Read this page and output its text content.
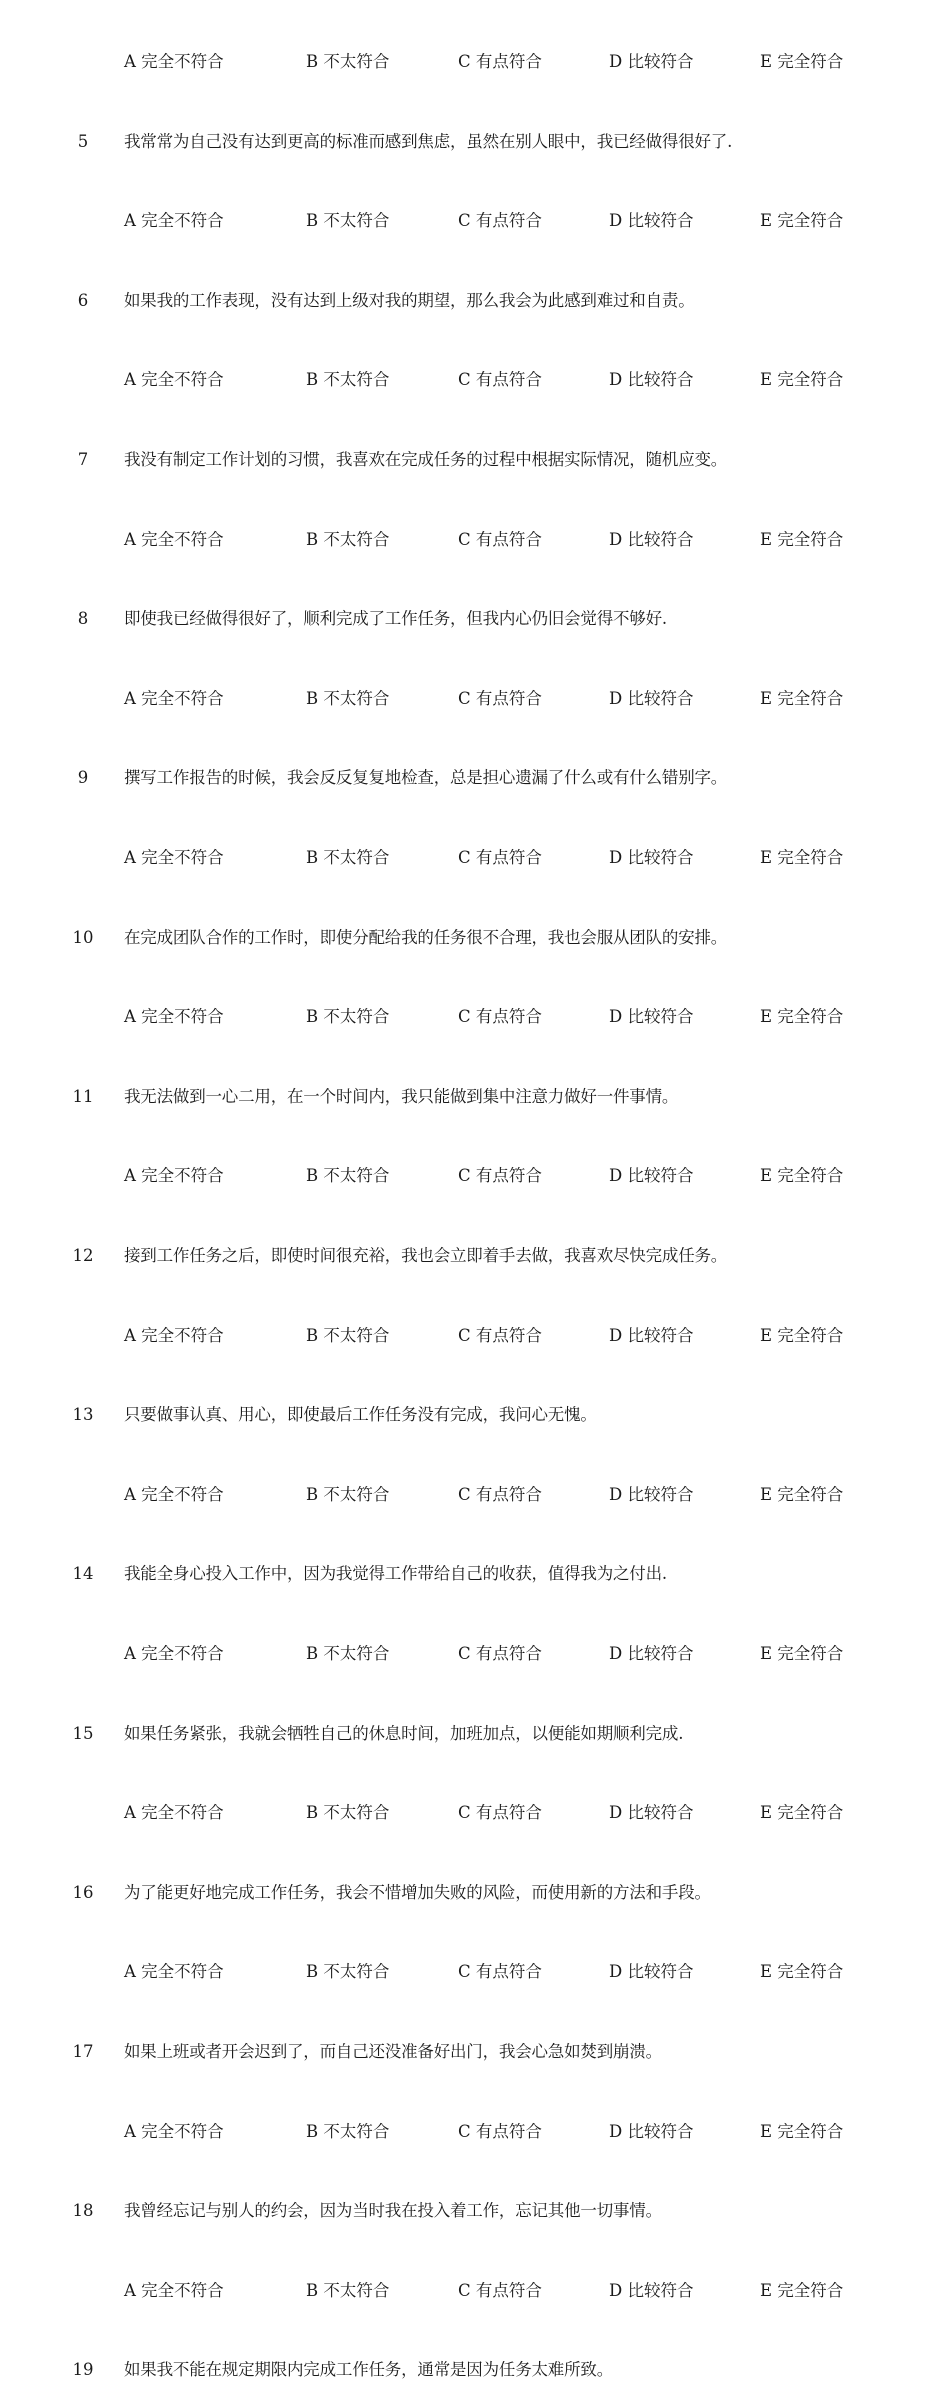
A 完全不符合	B 不太符合	C 有点符合	D 比较符合	E 完全符合
5	我常常为自己没有达到更高的标准而感到焦虑，虽然在别人眼中，我已经做得很好了.
A 完全不符合	B 不太符合	C 有点符合	D 比较符合	E 完全符合
6	如果我的工作表现，没有达到上级对我的期望，那么我会为此感到难过和自责。
A 完全不符合	B 不太符合	C 有点符合	D 比较符合	E 完全符合
7	我没有制定工作计划的习惯，我喜欢在完成任务的过程中根据实际情况，随机应变。
A 完全不符合	B 不太符合	C 有点符合	D 比较符合	E 完全符合
8	即使我已经做得很好了，顺利完成了工作任务，但我内心仍旧会觉得不够好.
A 完全不符合	B 不太符合	C 有点符合	D 比较符合	E 完全符合
9	撰写工作报告的时候，我会反反复复地检查，总是担心遗漏了什么或有什么错别字。
A 完全不符合	B 不太符合	C 有点符合	D 比较符合	E 完全符合
10 在完成团队合作的工作时，即使分配给我的任务很不合理，我也会服从团队的安排。
A 完全不符合	B 不太符合	C 有点符合	D 比较符合	E 完全符合
11 我无法做到一心二用，在一个时间内，我只能做到集中注意力做好一件事情。
A 完全不符合	B 不太符合	C 有点符合	D 比较符合	E 完全符合
12 接到工作任务之后，即使时间很充裕，我也会立即着手去做，我喜欢尽快完成任务。
A 完全不符合	B 不太符合	C 有点符合	D 比较符合	E 完全符合
13 只要做事认真、用心，即使最后工作任务没有完成，我问心无愧。
A 完全不符合	B 不太符合	C 有点符合	D 比较符合	E 完全符合
14 我能全身心投入工作中，因为我觉得工作带给自己的收获，值得我为之付出.
A 完全不符合	B 不太符合	C 有点符合	D 比较符合	E 完全符合
15 如果任务紧张，我就会牺牲自己的休息时间，加班加点，以便能如期顺利完成.
A 完全不符合	B 不太符合	C 有点符合	D 比较符合	E 完全符合
16 为了能更好地完成工作任务，我会不惜增加失败的风险，而使用新的方法和手段。
A 完全不符合	B 不太符合	C 有点符合	D 比较符合	E 完全符合
17 如果上班或者开会迟到了，而自己还没准备好出门，我会心急如焚到崩溃。
A 完全不符合	B 不太符合	C 有点符合	D 比较符合	E 完全符合
18 我曾经忘记与别人的约会，因为当时我在投入着工作，忘记其他一切事情。
A 完全不符合	B 不太符合	C 有点符合	D 比较符合	E 完全符合
19 如果我不能在规定期限内完成工作任务，通常是因为任务太难所致。
